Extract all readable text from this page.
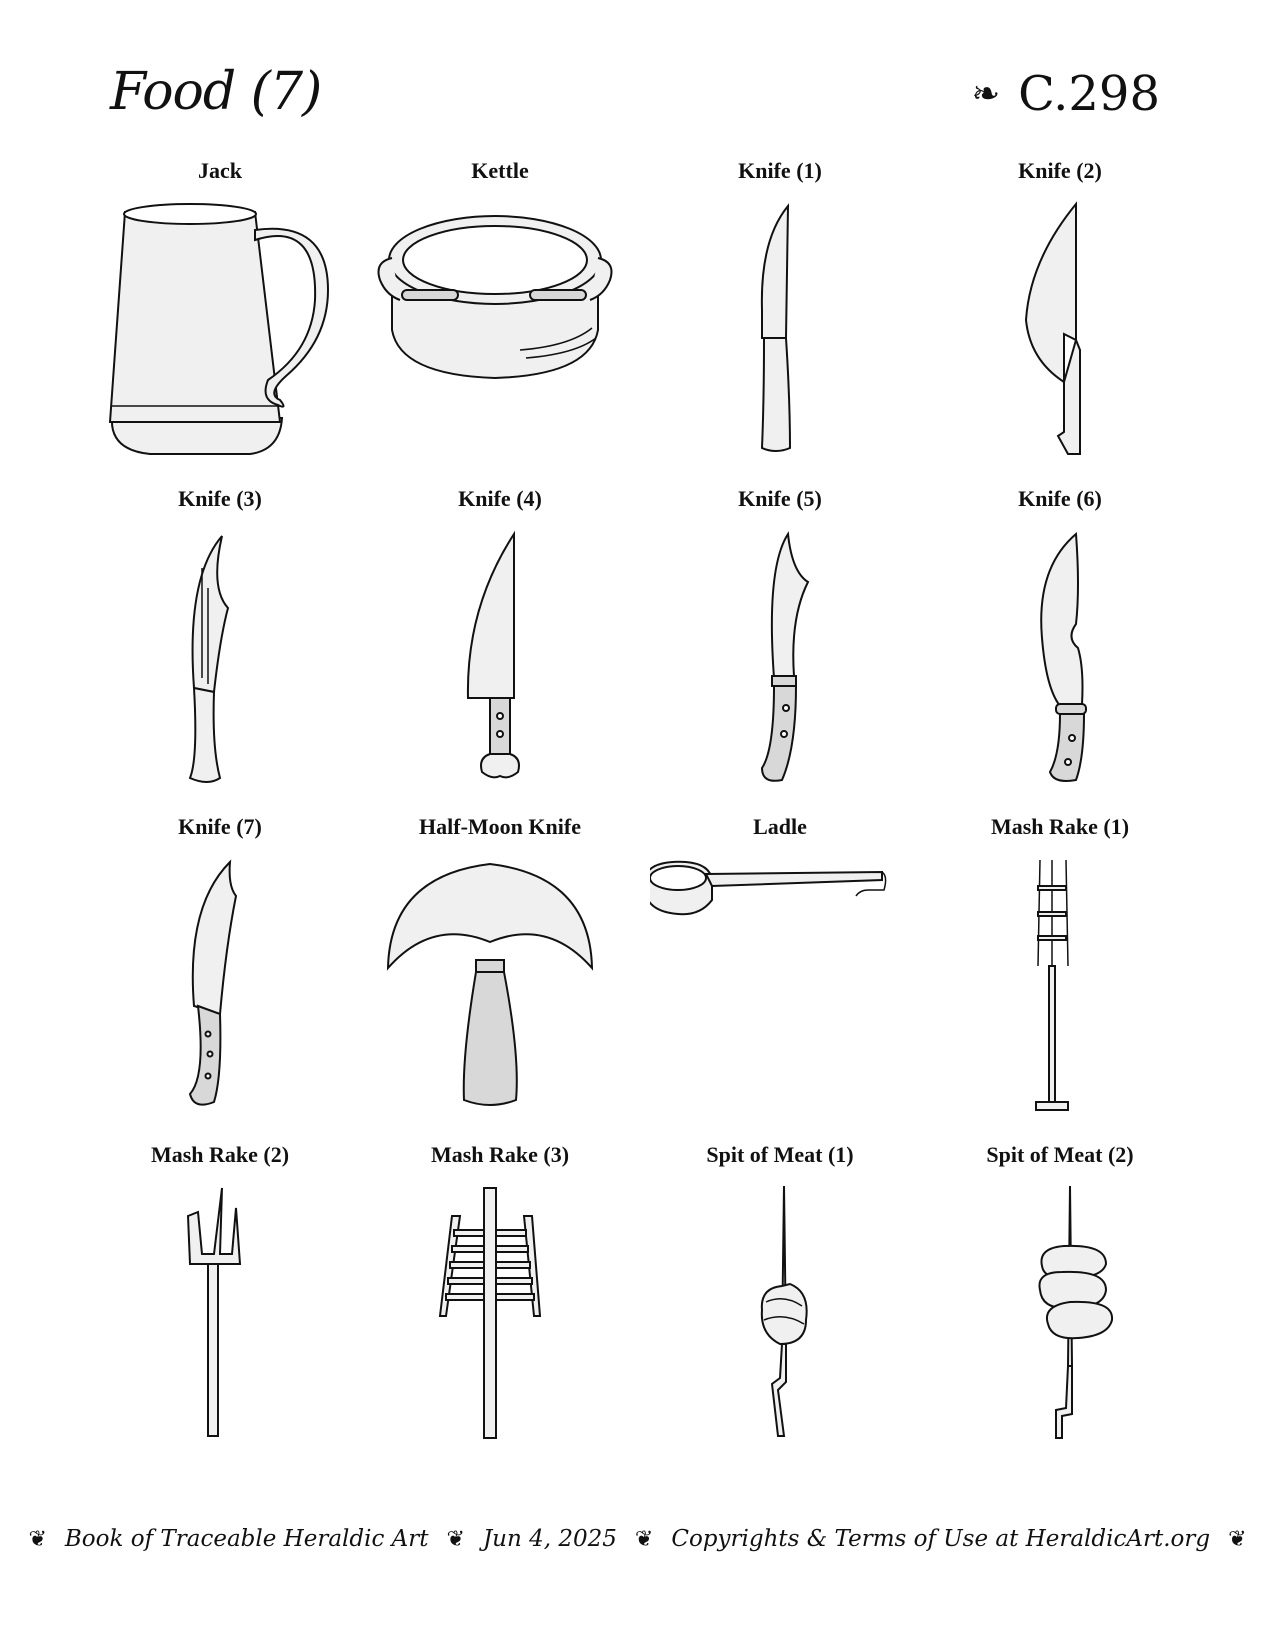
Food (7)	❧ C.298
Jack	Kettle	Knife (1)	Knife (2)
Knife (3)	Knife (4)	Knife (5)	Knife (6)
Knife (7)	Half-Moon Knife	Ladle	Mash Rake (1)
Mash Rake (2)	Mash Rake (3)	Spit of Meat (1)	Spit of Meat (2)
❦ Book of Traceable Heraldic Art ❦ Jun 4, 2025 ❦ Copyrights & Terms of Use at HeraldicArt.org ❦
